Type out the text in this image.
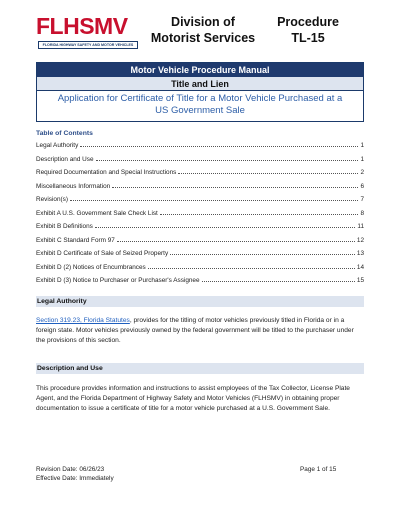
FLHSMV
FLORIDA HIGHWAY SAFETY AND MOTOR VEHICLES
Division of
Motorist Services
Procedure
TL-15
Motor Vehicle Procedure Manual
Title and Lien
Application for Certificate of Title for a Motor Vehicle Purchased at a US Government Sale
Table of Contents
Legal Authority	1
Description and Use	1
Required Documentation and Special Instructions	2
Miscellaneous Information	6
Revision(s)	7
Exhibit A U.S. Government Sale Check List	8
Exhibit B Definitions	11
Exhibit C Standard Form 97	12
Exhibit D Certificate of Sale of Seized Property	13
Exhibit D (2) Notices of Encumbrances	14
Exhibit D (3) Notice to Purchaser or Purchaser's Assignee	15
Legal Authority
Section 319.23, Florida Statutes, provides for the titling of motor vehicles previously titled in Florida or in a foreign state. Motor vehicles previously owned by the federal government will be titled to the purchaser under the provisions of this section.
Description and Use
This procedure provides information and instructions to assist employees of the Tax Collector, License Plate Agent, and the Florida Department of Highway Safety and Motor Vehicles (FLHSMV) in obtaining proper documentation to issue a certificate of title for a motor vehicle purchased at a U.S. Government Sale.
Revision Date: 06/26/23
Effective Date: Immediately
Page 1 of 15
